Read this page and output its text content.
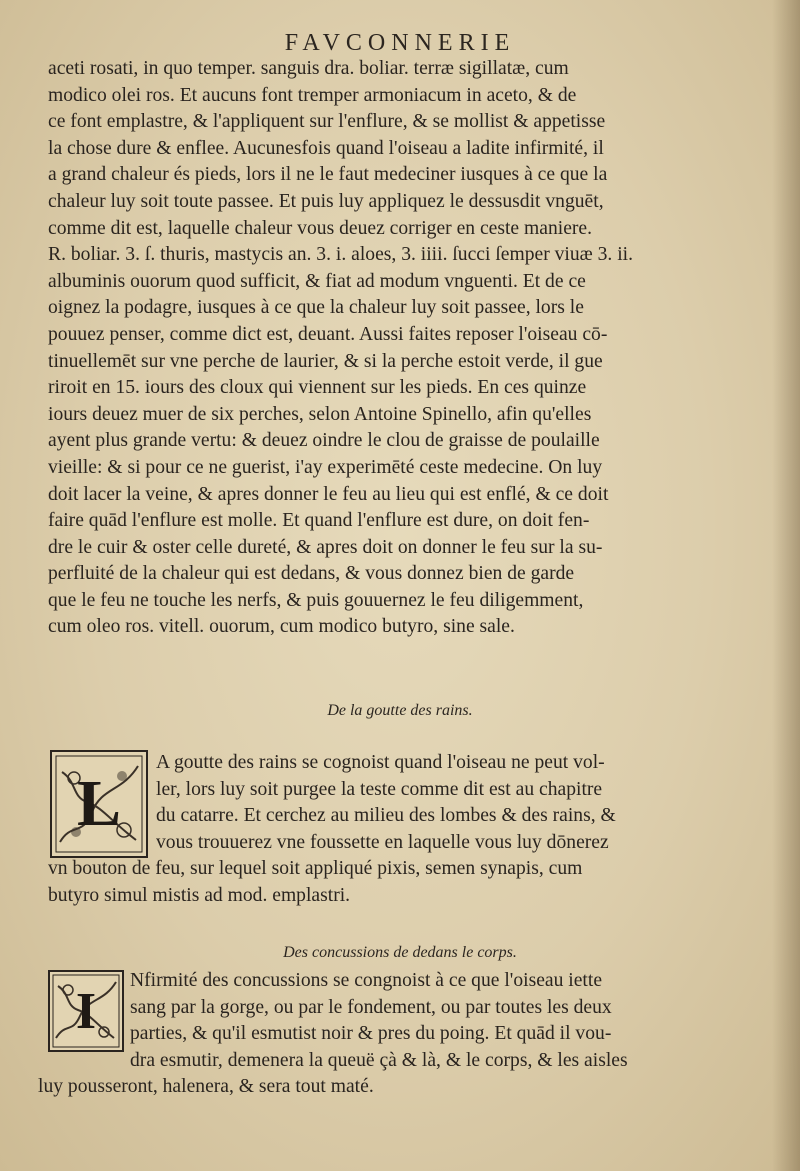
FAVCONNERIE
aceti rosati, in quo temper. sanguis dra. boliar. terræ sigillatæ, cum
modico olei ros. Et aucuns font tremper armoniacum in aceto, & de
ce font emplastre, & l'appliquent sur l'enflure, & se mollist & appetisse
la chose dure & enflee. Aucunesfois quand l'oiseau a ladite infirmité, il
a grand chaleur és pieds, lors il ne le faut medeciner iusques à ce que la
chaleur luy soit toute passee. Et puis luy appliquez le dessusdit vnguēt,
comme dit est, laquelle chaleur vous deuez corriger en ceste maniere.
R. boliar. 3. ſ. thuris, mastycis an. 3. i. aloes, 3. iiii. ſucci ſemper viuæ 3. ii.
albuminis ouorum quod sufficit, & fiat ad modum vnguenti. Et de ce
oignez la podagre, iusques à ce que la chaleur luy soit passee, lors le
pouuez penser, comme dict est, deuant. Aussi faites reposer l'oiseau cō-
tinuellemēt sur vne perche de laurier, & si la perche estoit verde, il gue
riroit en 15. iours des cloux qui viennent sur les pieds. En ces quinze
iours deuez muer de six perches, selon Antoine Spinello, afin qu'elles
ayent plus grande vertu: & deuez oindre le clou de graisse de poulaille
vieille: & si pour ce ne guerist, i'ay experimēté ceste medecine. On luy
doit lacer la veine, & apres donner le feu au lieu qui est enflé, & ce doit
faire quād l'enflure est molle. Et quand l'enflure est dure, on doit fen-
dre le cuir & oster celle dureté, & apres doit on donner le feu sur la su-
perfluité de la chaleur qui est dedans, & vous donnez bien de garde
que le feu ne touche les nerfs, & puis gouuernez le feu diligemment,
cum oleo ros. vitell. ouorum, cum modico butyro, sine sale.
De la goutte des rains.
L
A goutte des rains se cognoist quand l'oiseau ne peut vol-
ler, lors luy soit purgee la teste comme dit est au chapitre
du catarre. Et cerchez au milieu des lombes & des rains, &
vous trouuerez vne foussette en laquelle vous luy dōnerez
vn bouton de feu, sur lequel soit appliqué pixis, semen synapis, cum
butyro simul mistis ad mod. emplastri.
Des concussions de dedans le corps.
I
Nfirmité des concussions se congnoist à ce que l'oiseau iette
sang par la gorge, ou par le fondement, ou par toutes les deux
parties, & qu'il esmutist noir & pres du poing. Et quād il vou-
dra esmutir, demenera la queuë çà & là, & le corps, & les aisles
luy pousseront, halenera, & sera tout maté.
